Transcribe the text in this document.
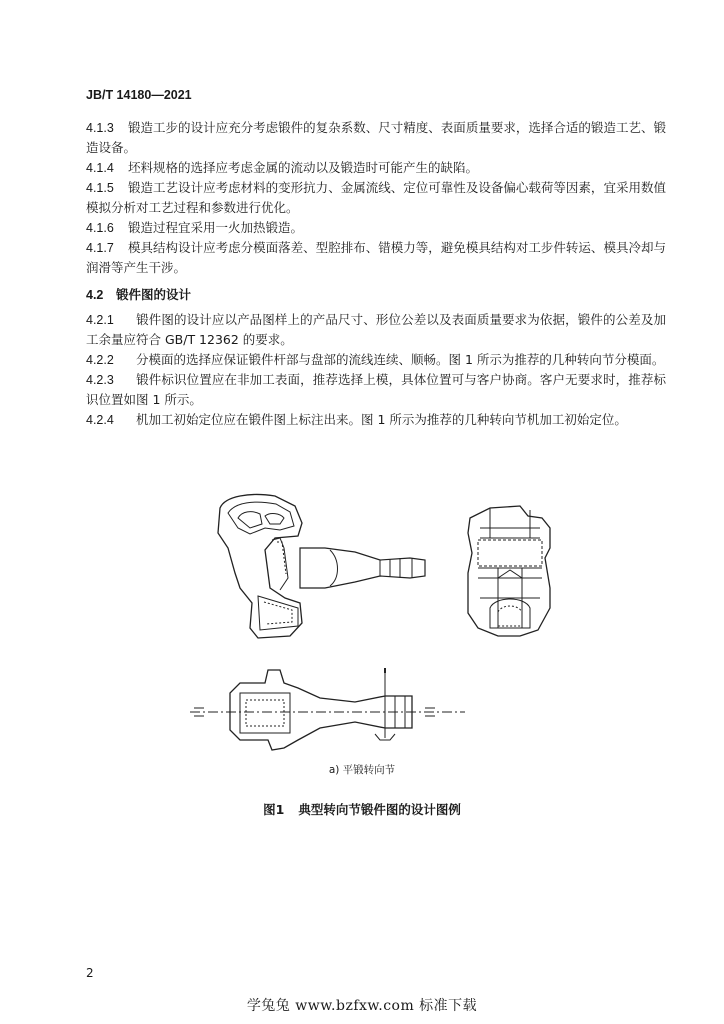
JB/T 14180—2021
4.1.3 锻造工步的设计应充分考虑锻件的复杂系数、尺寸精度、表面质量要求，选择合适的锻造工艺、锻造设备。
4.1.4 坯料规格的选择应考虑金属的流动以及锻造时可能产生的缺陷。
4.1.5 锻造工艺设计应考虑材料的变形抗力、金属流线、定位可靠性及设备偏心载荷等因素，宜采用数值模拟分析对工艺过程和参数进行优化。
4.1.6 锻造过程宜采用一火加热锻造。
4.1.7 模具结构设计应考虑分模面落差、型腔排布、错模力等，避免模具结构对工步件转运、模具冷却与润滑等产生干涉。
4.2 锻件图的设计
4.2.1 锻件图的设计应以产品图样上的产品尺寸、形位公差以及表面质量要求为依据，锻件的公差及加工余量应符合 GB/T 12362 的要求。
4.2.2 分模面的选择应保证锻件杆部与盘部的流线连续、顺畅。图 1 所示为推荐的几种转向节分模面。
4.2.3 锻件标识位置应在非加工表面，推荐选择上模，具体位置可与客户协商。客户无要求时，推荐标识位置如图 1 所示。
4.2.4 机加工初始定位应在锻件图上标注出来。图 1 所示为推荐的几种转向节机加工初始定位。
a) 平锻转向节
图1 典型转向节锻件图的设计图例
2
学兔兔 www.bzfxw.com 标准下载
